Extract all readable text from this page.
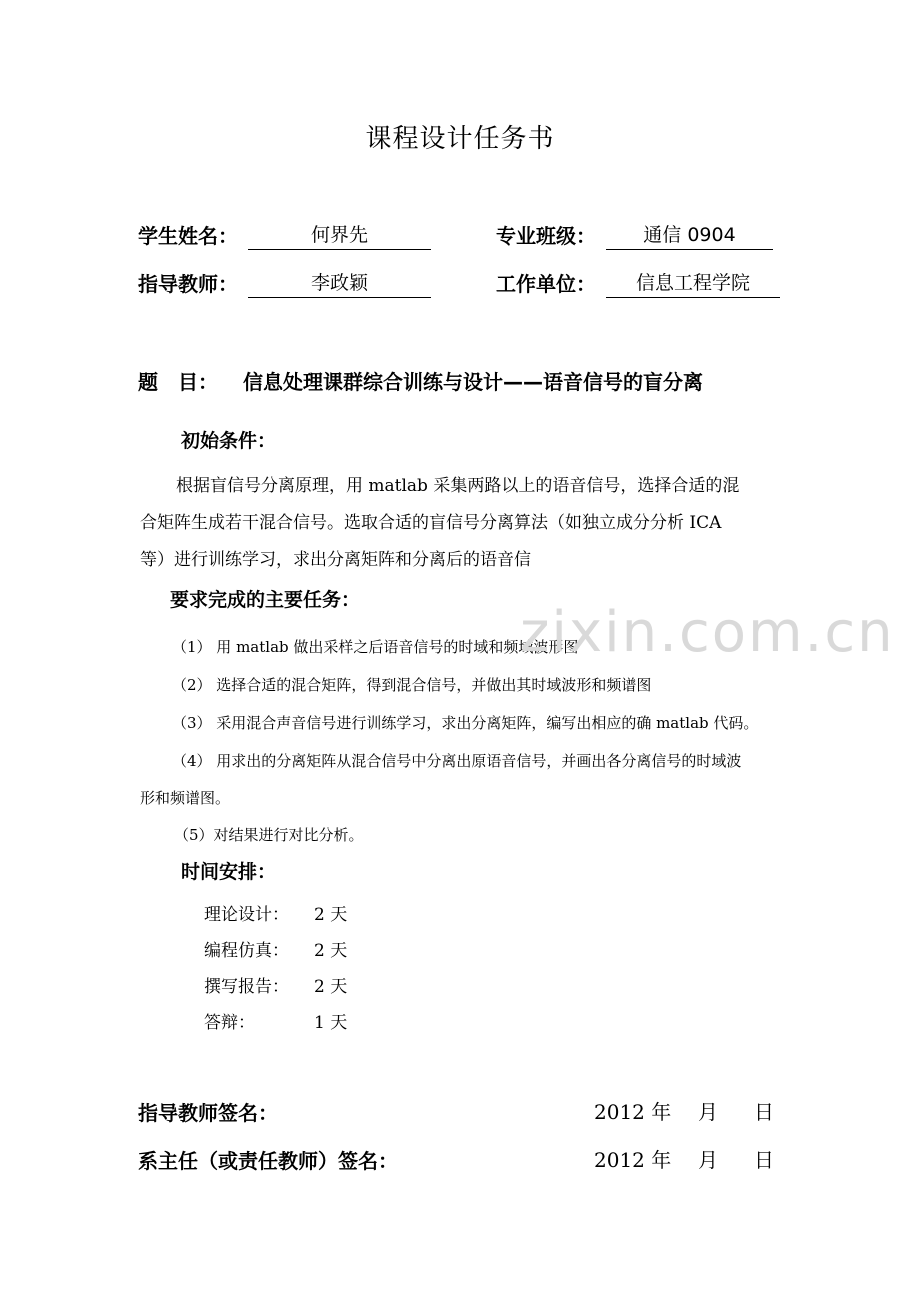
课程设计任务书
学生姓名：	何界先	专业班级：	通信 0904
指导教师：	李政颖	工作单位：	信息工程学院
题　目： 信息处理课群综合训练与设计——语音信号的盲分离
初始条件：
根据盲信号分离原理，用 matlab 采集两路以上的语音信号，选择合适的混
合矩阵生成若干混合信号。选取合适的盲信号分离算法（如独立成分分析 ICA
等）进行训练学习，求出分离矩阵和分离后的语音信
要求完成的主要任务：
（1） 用 matlab 做出采样之后语音信号的时域和频域波形图
（2） 选择合适的混合矩阵，得到混合信号，并做出其时域波形和频谱图
（3） 采用混合声音信号进行训练学习，求出分离矩阵，编写出相应的确 matlab 代码。
（4） 用求出的分离矩阵从混合信号中分离出原语音信号，并画出各分离信号的时域波
形和频谱图。
（5）对结果进行对比分析。
时间安排：
理论设计： 2 天
编程仿真： 2 天
撰写报告： 2 天
答辩：	1 天
指导教师签名：	2012 年 月 日
系主任（或责任教师）签名：	2012 年 月 日
zixin.com.cn
